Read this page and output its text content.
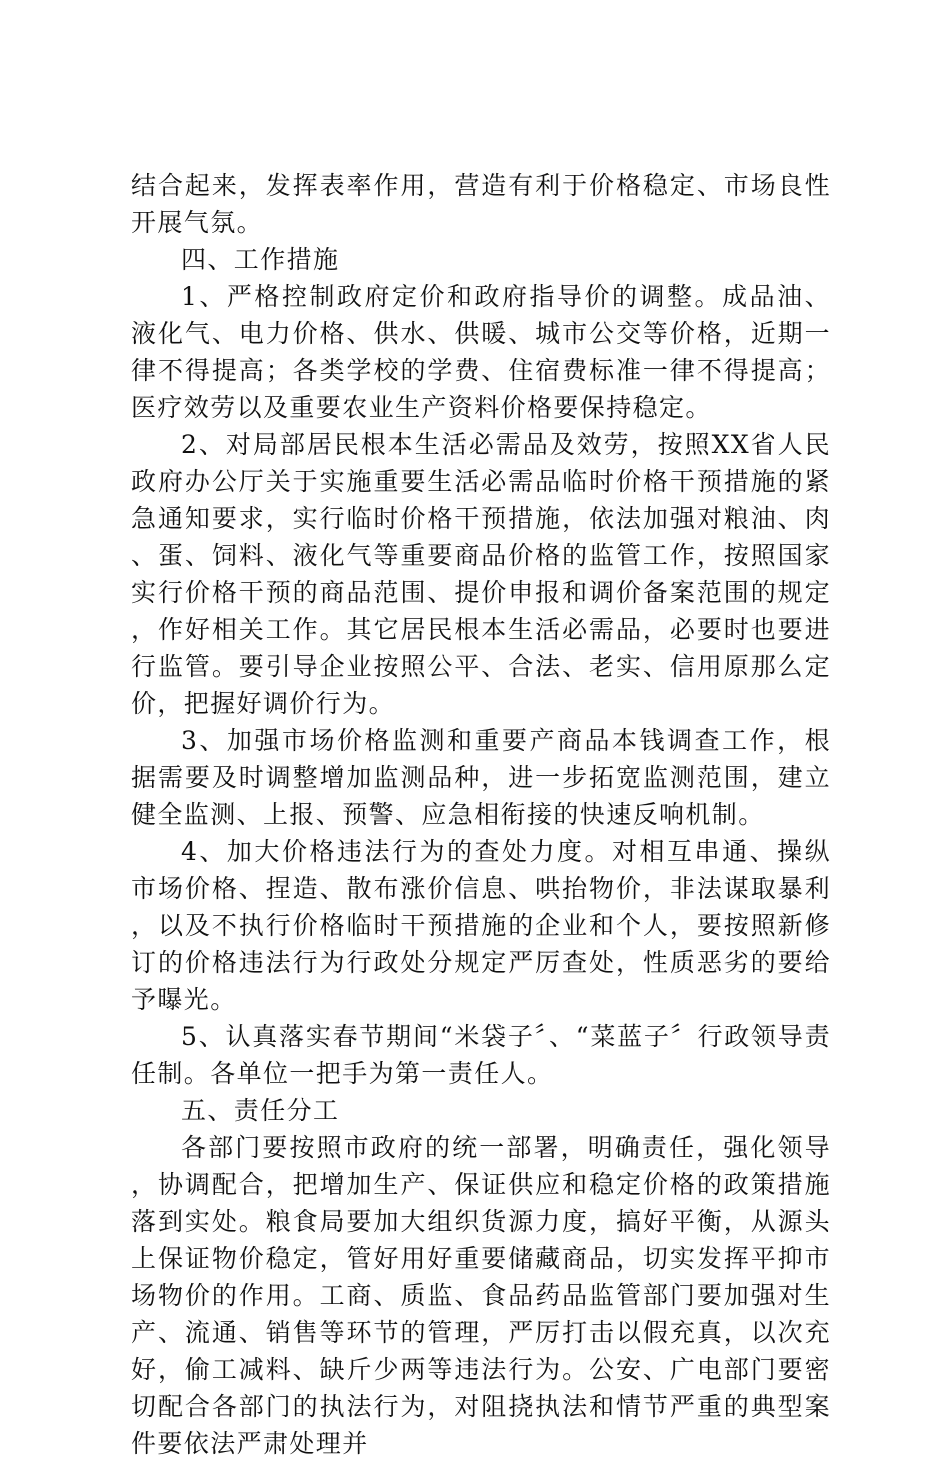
结合起来，发挥表率作用，营造有利于价格稳定、市场良性开展气氛。

四、工作措施

1、严格控制政府定价和政府指导价的调整。成品油、液化气、电力价格、供水、供暖、城市公交等价格，近期一律不得提高；各类学校的学费、住宿费标准一律不得提高；医疗效劳以及重要农业生产资料价格要保持稳定。

2、对局部居民根本生活必需品及效劳，按照XX省人民政府办公厅关于实施重要生活必需品临时价格干预措施的紧急通知要求，实行临时价格干预措施，依法加强对粮油、肉、蛋、饲料、液化气等重要商品价格的监管工作，按照国家实行价格干预的商品范围、提价申报和调价备案范围的规定，作好相关工作。其它居民根本生活必需品，必要时也要进行监管。要引导企业按照公平、合法、老实、信用原那么定价，把握好调价行为。

3、加强市场价格监测和重要产商品本钱调查工作，根据需要及时调整增加监测品种，进一步拓宽监测范围，建立健全监测、上报、预警、应急相衔接的快速反响机制。

4、加大价格违法行为的查处力度。对相互串通、操纵市场价格、捏造、散布涨价信息、哄抬物价，非法谋取暴利，以及不执行价格临时干预措施的企业和个人，要按照新修订的价格违法行为行政处分规定严厉查处，性质恶劣的要给予曝光。

5、认真落实春节期间“米袋子〞、“菜蓝子〞行政领导责任制。各单位一把手为第一责任人。

五、责任分工

各部门要按照市政府的统一部署，明确责任，强化领导，协调配合，把增加生产、保证供应和稳定价格的政策措施落到实处。粮食局要加大组织货源力度，搞好平衡，从源头上保证物价稳定，管好用好重要储藏商品，切实发挥平抑市场物价的作用。工商、质监、食品药品监管部门要加强对生产、流通、销售等环节的管理，严厉打击以假充真，以次充好，偷工减料、缺斤少两等违法行为。公安、广电部门要密切配合各部门的执法行为，对阻挠执法和情节严重的典型案件要依法严肃处理并
